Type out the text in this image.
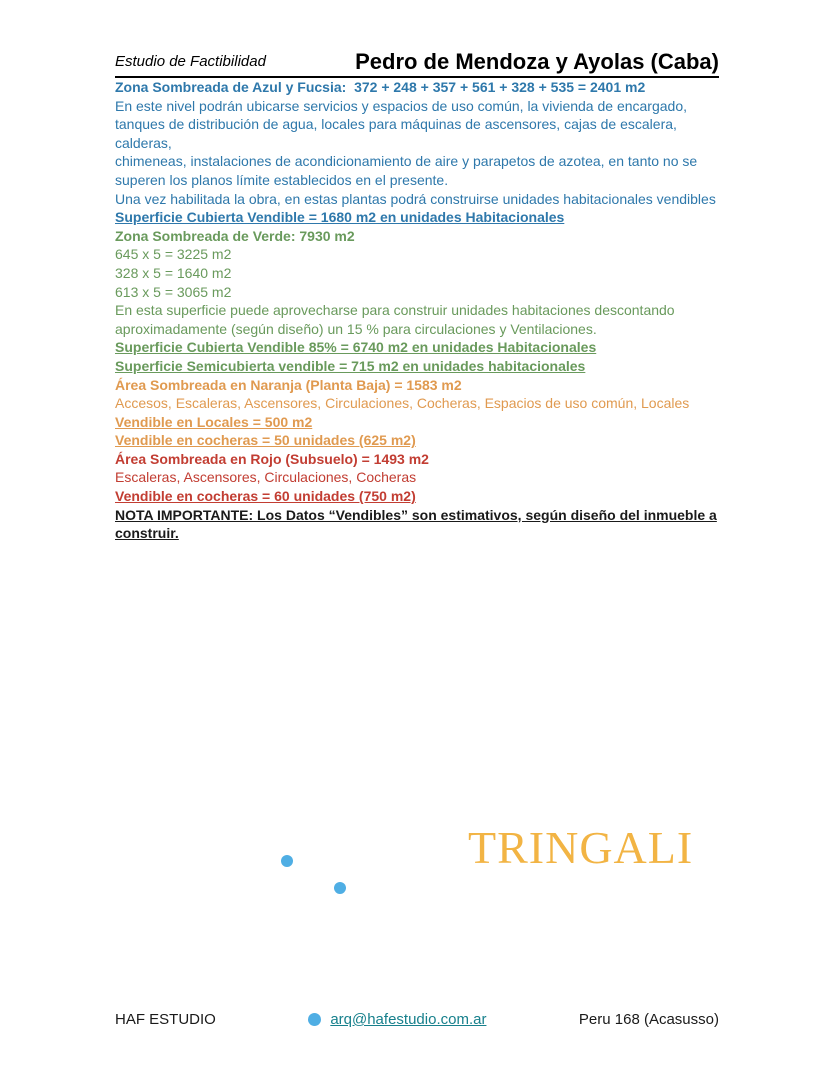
Estudio de Factibilidad	Pedro de Mendoza y Ayolas (Caba)

Zona Sombreada de Azul y Fucsia:  372 + 248 + 357 + 561 + 328 + 535 = 2401 m2

En este nivel podrán ubicarse servicios y espacios de uso común, la vivienda de encargado,

tanques de distribución de agua, locales para máquinas de ascensores, cajas de escalera, calderas,

chimeneas, instalaciones de acondicionamiento de aire y parapetos de azotea, en tanto no se

superen los planos límite establecidos en el presente.

Una vez habilitada la obra, en estas plantas podrá construirse unidades habitacionales vendibles

Superficie Cubierta Vendible = 1680 m2 en unidades Habitacionales

Zona Sombreada de Verde: 7930 m2

645 x 5 = 3225 m2

328 x 5 = 1640 m2

613 x 5 = 3065 m2

En esta superficie puede aprovecharse para construir unidades habitaciones descontando

aproximadamente (según diseño) un 15 % para circulaciones y Ventilaciones.

Superficie Cubierta Vendible 85% = 6740 m2 en unidades Habitacionales

Superficie Semicubierta vendible = 715 m2 en unidades habitacionales

Área Sombreada en Naranja (Planta Baja) = 1583 m2

Accesos, Escaleras, Ascensores, Circulaciones, Cocheras, Espacios de uso común, Locales

Vendible en Locales = 500 m2

Vendible en cocheras = 50 unidades (625 m2)

Área Sombreada en Rojo (Subsuelo) = 1493 m2

Escaleras, Ascensores, Circulaciones, Cocheras

Vendible en cocheras = 60 unidades (750 m2)

NOTA IMPORTANTE: Los Datos “Vendibles” son estimativos, según diseño del inmueble a

construir.

TRINGALI
HAF ESTUDIO	arq@hafestudio.com.ar	Peru 168 (Acasusso)
